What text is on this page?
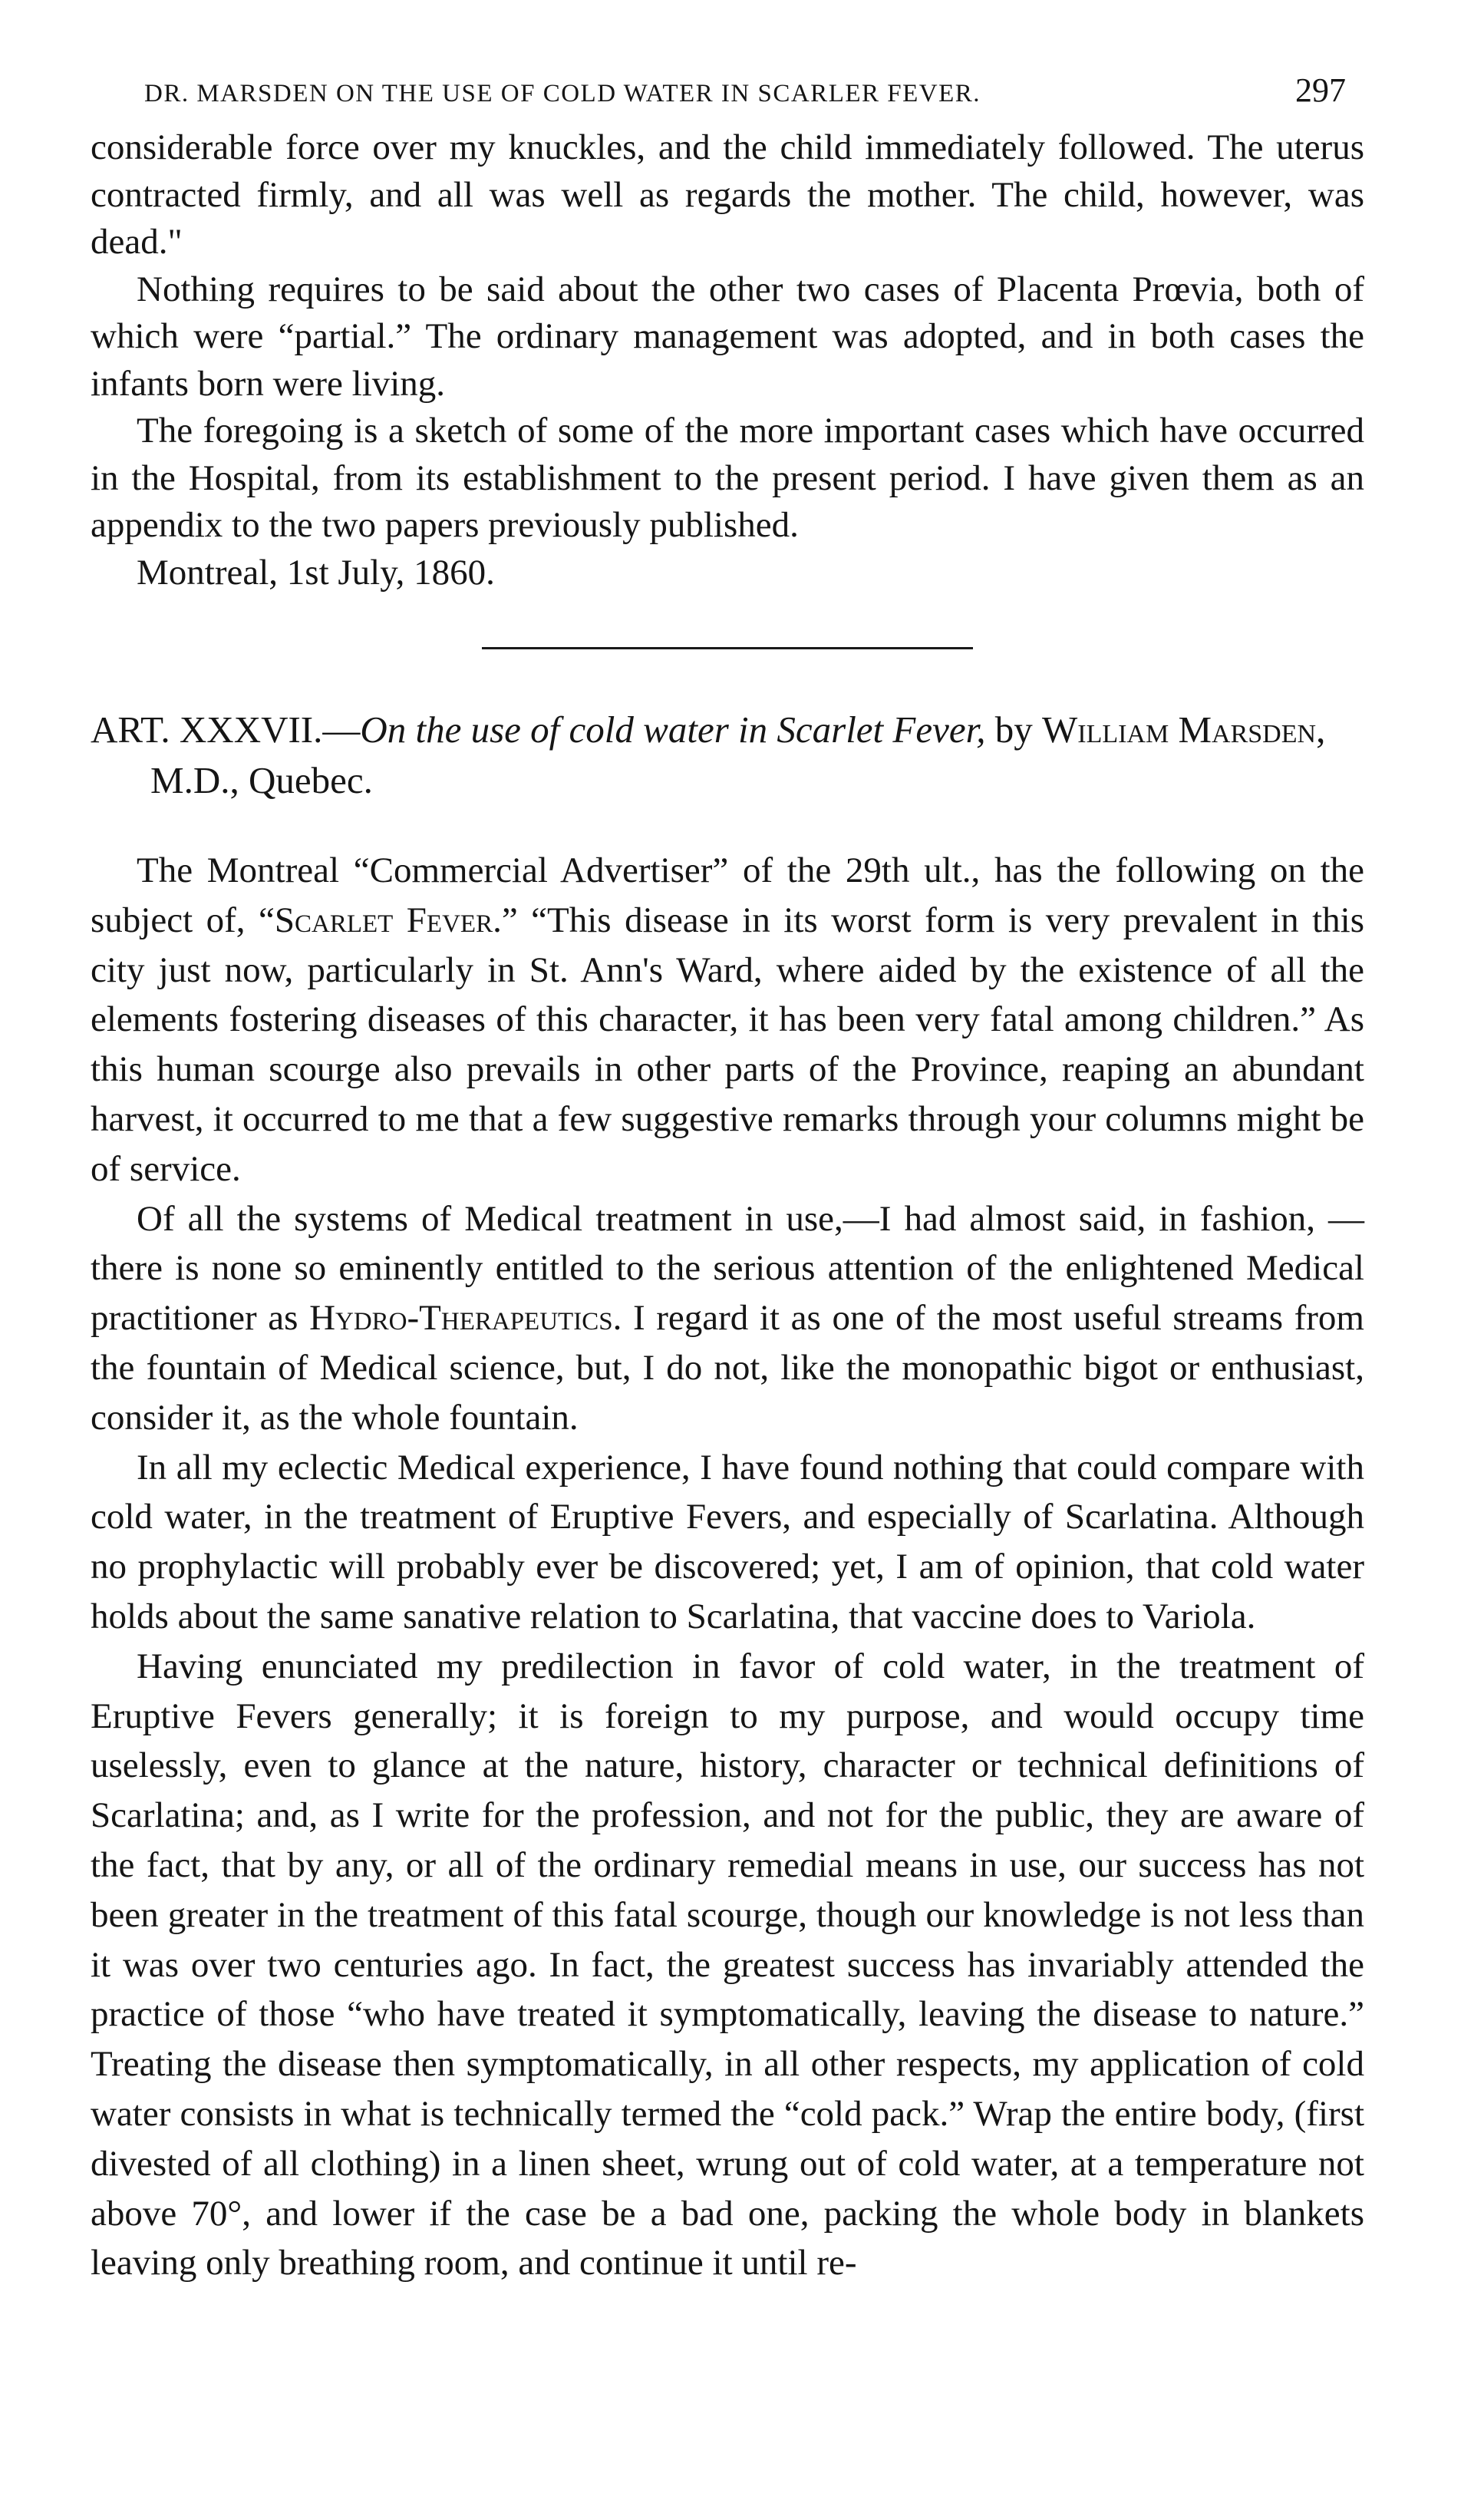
DR. MARSDEN ON THE USE OF COLD WATER IN SCARLER FEVER.	297

considerable force over my knuckles, and the child immediately followed. The uterus contracted firmly, and all was well as regards the mother. The child, however, was dead."

Nothing requires to be said about the other two cases of Placenta Prœvia, both of which were “partial.” The ordinary management was adopted, and in both cases the infants born were living.

The foregoing is a sketch of some of the more important cases which have occurred in the Hospital, from its establishment to the present period. I have given them as an appendix to the two papers previously published.

Montreal, 1st July, 1860.

ART. XXXVII.—On the use of cold water in Scarlet Fever, by William Marsden, M.D., Quebec.

The Montreal “Commercial Advertiser” of the 29th ult., has the following on the subject of, “Scarlet Fever.” “This disease in its worst form is very prevalent in this city just now, particularly in St. Ann's Ward, where aided by the existence of all the elements fostering diseases of this character, it has been very fatal among children.” As this human scourge also prevails in other parts of the Province, reaping an abundant harvest, it occurred to me that a few suggestive remarks through your columns might be of service.

Of all the systems of Medical treatment in use,—I had almost said, in fashion, —there is none so eminently entitled to the serious attention of the enlightened Medical practitioner as Hydro-Therapeutics. I regard it as one of the most useful streams from the fountain of Medical science, but, I do not, like the monopathic bigot or enthusiast, consider it, as the whole fountain.

In all my eclectic Medical experience, I have found nothing that could compare with cold water, in the treatment of Eruptive Fevers, and especially of Scarlatina. Although no prophylactic will probably ever be discovered; yet, I am of opinion, that cold water holds about the same sanative relation to Scarlatina, that vaccine does to Variola.

Having enunciated my predilection in favor of cold water, in the treatment of Eruptive Fevers generally; it is foreign to my purpose, and would occupy time uselessly, even to glance at the nature, history, character or technical definitions of Scarlatina; and, as I write for the profession, and not for the public, they are aware of the fact, that by any, or all of the ordinary remedial means in use, our success has not been greater in the treatment of this fatal scourge, though our knowledge is not less than it was over two centuries ago. In fact, the greatest success has invariably attended the practice of those “who have treated it symptomatically, leaving the disease to nature.” Treating the disease then symptomatically, in all other respects, my application of cold water consists in what is technically termed the “cold pack.” Wrap the entire body, (first divested of all clothing) in a linen sheet, wrung out of cold water, at a temperature not above 70°, and lower if the case be a bad one, packing the whole body in blankets leaving only breathing room, and continue it until re-
